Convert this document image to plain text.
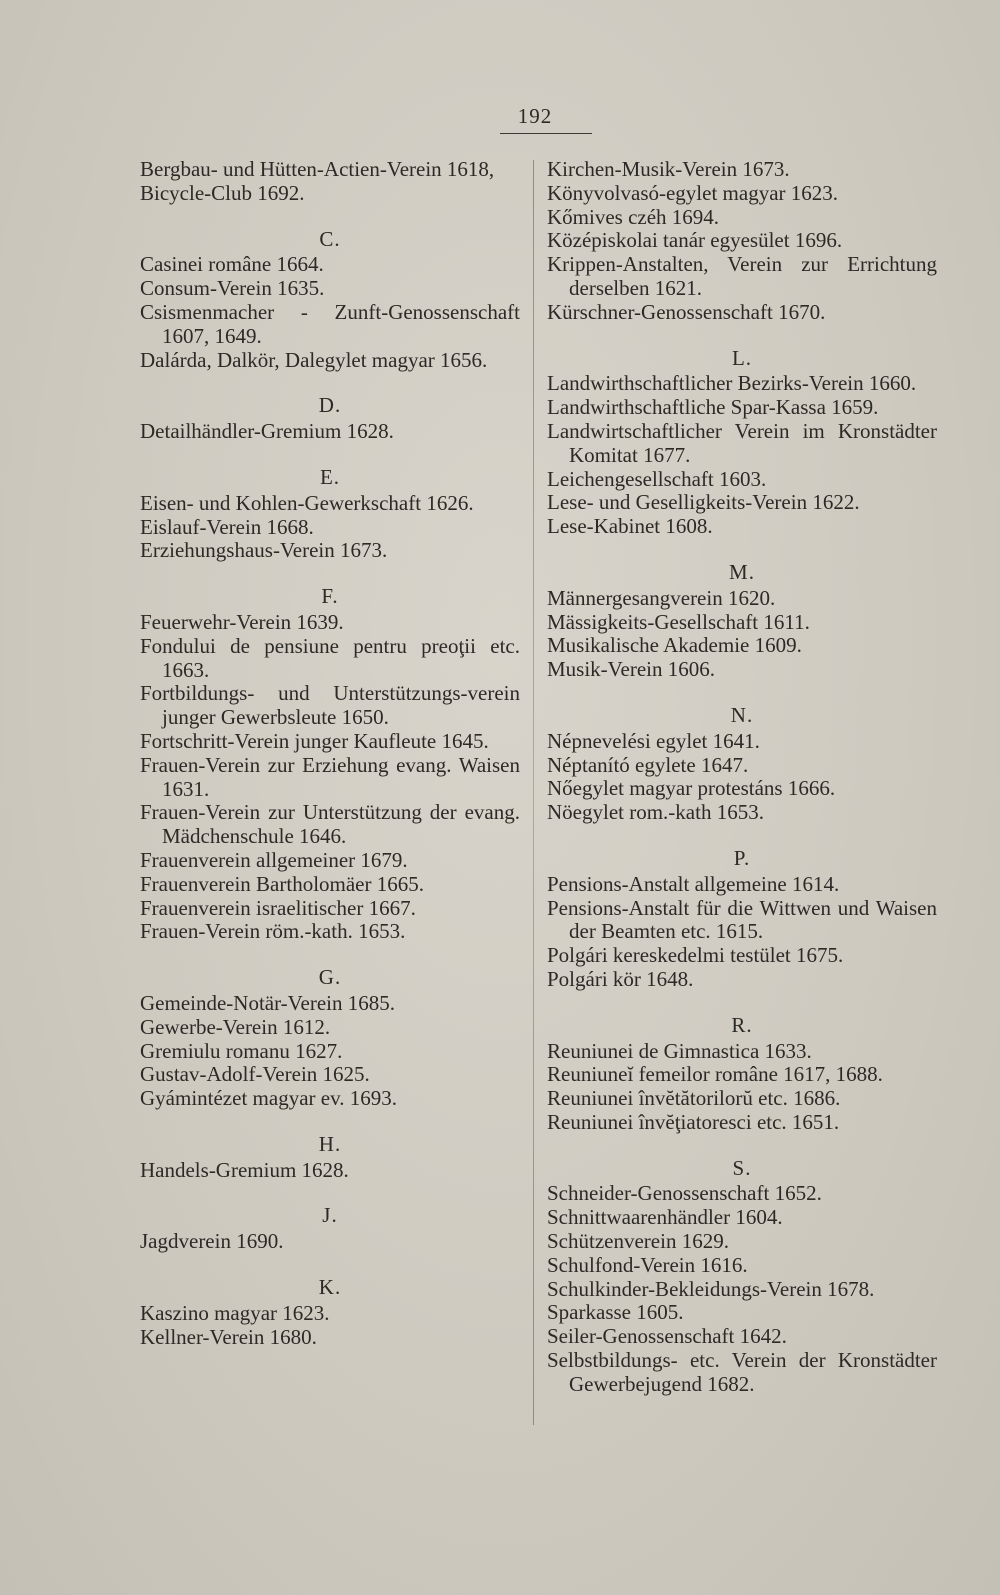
192
Bergbau- und Hütten-Actien-Verein 1618,
Bicycle-Club 1692.
C.
Casinei române 1664.
Consum-Verein 1635.
Csismenmacher - Zunft-Genossenschaft 1607, 1649.
Dalárda, Dalkör, Dalegylet magyar 1656.
D.
Detailhändler-Gremium 1628.
E.
Eisen- und Kohlen-Gewerkschaft 1626.
Eislauf-Verein 1668.
Erziehungshaus-Verein 1673.
F.
Feuerwehr-Verein 1639.
Fondului de pensiune pentru preoţii etc. 1663.
Fortbildungs- und Unterstützungs-verein junger Gewerbsleute 1650.
Fortschritt-Verein junger Kaufleute 1645.
Frauen-Verein zur Erziehung evang. Waisen 1631.
Frauen-Verein zur Unterstützung der evang. Mädchenschule 1646.
Frauenverein allgemeiner 1679.
Frauenverein Bartholomäer 1665.
Frauenverein israelitischer 1667.
Frauen-Verein röm.-kath. 1653.
G.
Gemeinde-Notär-Verein 1685.
Gewerbe-Verein 1612.
Gremiulu romanu 1627.
Gustav-Adolf-Verein 1625.
Gyámintézet magyar ev. 1693.
H.
Handels-Gremium 1628.
J.
Jagdverein 1690.
K.
Kaszino magyar 1623.
Kellner-Verein 1680.
Kirchen-Musik-Verein 1673.
Könyvolvasó-egylet magyar 1623.
Kőmives czéh 1694.
Középiskolai tanár egyesület 1696.
Krippen-Anstalten, Verein zur Errichtung derselben 1621.
Kürschner-Genossenschaft 1670.
L.
Landwirthschaftlicher Bezirks-Verein 1660.
Landwirthschaftliche Spar-Kassa 1659.
Landwirtschaftlicher Verein im Kronstädter Komitat 1677.
Leichengesellschaft 1603.
Lese- und Geselligkeits-Verein 1622.
Lese-Kabinet 1608.
M.
Männergesangverein 1620.
Mässigkeits-Gesellschaft 1611.
Musikalische Akademie 1609.
Musik-Verein 1606.
N.
Népnevelési egylet 1641.
Néptanító egylete 1647.
Nőegylet magyar protestáns 1666.
Nöegylet rom.-kath 1653.
P.
Pensions-Anstalt allgemeine 1614.
Pensions-Anstalt für die Wittwen und Waisen der Beamten etc. 1615.
Polgári kereskedelmi testület 1675.
Polgári kör 1648.
R.
Reuniunei de Gimnastica 1633.
Reuniuneĭ femeilor române 1617, 1688.
Reuniunei învĕtătorilorŭ etc. 1686.
Reuniunei învĕţiatoresci etc. 1651.
S.
Schneider-Genossenschaft 1652.
Schnittwaarenhändler 1604.
Schützenverein 1629.
Schulfond-Verein 1616.
Schulkinder-Bekleidungs-Verein 1678.
Sparkasse 1605.
Seiler-Genossenschaft 1642.
Selbstbildungs- etc. Verein der Kronstädter Gewerbejugend 1682.
